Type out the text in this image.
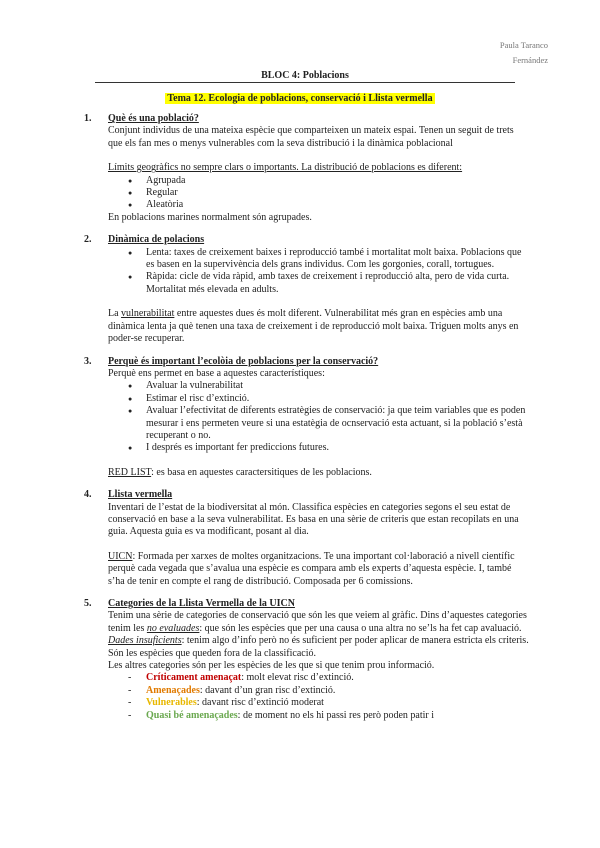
Paula Taranco
Fernández
BLOC 4: Poblacions
Tema 12. Ecologia de poblacions, conservació i Llista vermella
1. Què és una població?
Conjunt individus de una mateixa espècie que comparteixen un mateix espai. Tenen un seguit de trets que els fan mes o menys vulnerables com la seva distribució i la dinàmica poblacional
Límits geogràfics no sempre clars o importants. La distribució de poblacions es diferent:
● Agrupada
● Regular
● Aleatòria
En poblacions marines normalment són agrupades.
2. Dinàmica de polacions
● Lenta: taxes de creixement baixes i reproducció també i mortalitat molt baixa. Poblacions que es basen en la supervivència dels grans individus. Com les gorgonies, corall, tortugues.
● Ràpida: cicle de vida ràpid, amb taxes de creixement i reproducció alta, pero de vida curta. Mortalitat més elevada en adults.
La vulnerabilitat entre aquestes dues és molt diferent. Vulnerabilitat més gran en espècies amb una dinàmica lenta ja què tenen una taxa de creixement i de reproducció molt baixa. Triguen molts anys en poder-se recuperar.
3. Perquè és important l’ecolòia de poblacions per la conservació?
Perquè ens permet en base a aquestes característiques:
● Avaluar la vulnerabilitat
● Estimar el risc d’extinció.
● Avaluar l’efectivitat de diferents estratègies de conservació: ja que teim variables que es poden mesurar i ens permeten veure si una estatègia de ocnservació esta actuant, si la població s’està recuperant o no.
● I després es important fer prediccions futures.
RED LIST: es basa en aquestes caractersitiques de les poblacions.
4. Llista vermella
Inventari de l’estat de la biodiversitat al món. Classifica espècies en categories segons el seu estat de conservació en base a la seva vulnerabilitat. Es basa en una sèrie de criteris que estan recopilats en una guia. Aquesta guia es va modificant, posant al dia.
UICN: Formada per xarxes de moltes organitzacions. Te una important col·laboració a nivell científic perquè cada vegada que s’avalua una espècie es compara amb els experts d’aquesta espècie. I, també s’ha de tenir en compte el rang de distribució. Composada per 6 comissions.
5. Categories de la Llista Vermella de la UICN
Tenim una sèrie de categories de conservació que són les que veiem al gràfic. Dins d’aquestes categories tenim les no evaluades: que són les espècies que per una causa o una altra no se’ls ha fet cap avaluació.
Dades insuficients: tenim algo d’info però no és suficient per poder aplicar de manera estricta els criteris. Són les espècies que queden fora de la classificació.
Les altres categories són per les espècies de les que si que tenim prou informació.
- Críticament amenaçat: molt elevat risc d’extinció.
- Amenaçades: davant d’un gran risc d’extinció.
- Vulnerables: davant risc d’extinció moderat
- Quasi bé amenaçades: de moment no els hi passi res però poden patir i
